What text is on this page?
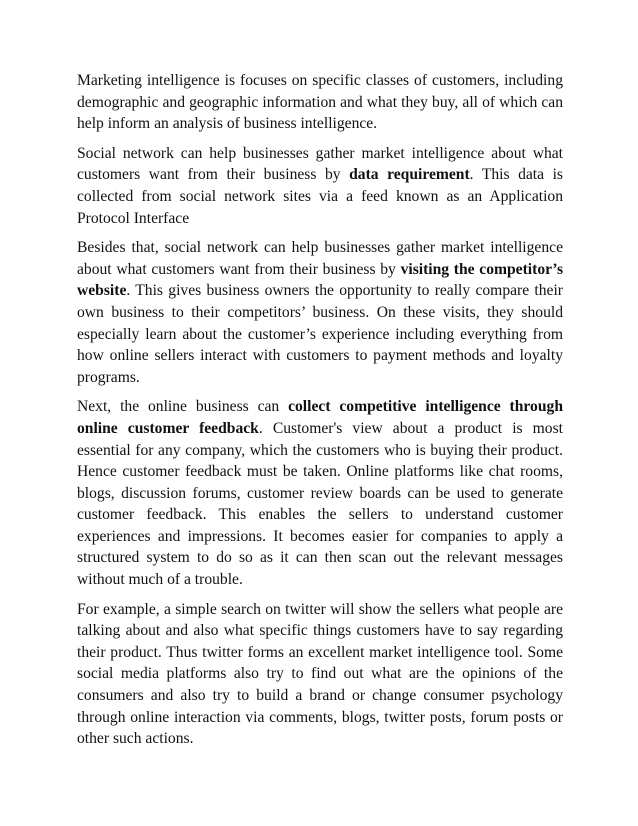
Marketing intelligence is focuses on specific classes of customers, including demographic and geographic information and what they buy, all of which can help inform an analysis of business intelligence.

Social network can help businesses gather market intelligence about what customers want from their business by data requirement. This data is collected from social network sites via a feed known as an Application Protocol Interface

Besides that, social network can help businesses gather market intelligence about what customers want from their business by visiting the competitor’s website. This gives business owners the opportunity to really compare their own business to their competitors’ business. On these visits, they should especially learn about the customer’s experience including everything from how online sellers interact with customers to payment methods and loyalty programs.

Next, the online business can collect competitive intelligence through online customer feedback. Customer's view about a product is most essential for any company, which the customers who is buying their product. Hence customer feedback must be taken. Online platforms like chat rooms, blogs, discussion forums, customer review boards can be used to generate customer feedback. This enables the sellers to understand customer experiences and impressions. It becomes easier for companies to apply a structured system to do so as it can then scan out the relevant messages without much of a trouble.

For example, a simple search on twitter will show the sellers what people are talking about and also what specific things customers have to say regarding their product. Thus twitter forms an excellent market intelligence tool. Some social media platforms also try to find out what are the opinions of the consumers and also try to build a brand or change consumer psychology through online interaction via comments, blogs, twitter posts, forum posts or other such actions.
